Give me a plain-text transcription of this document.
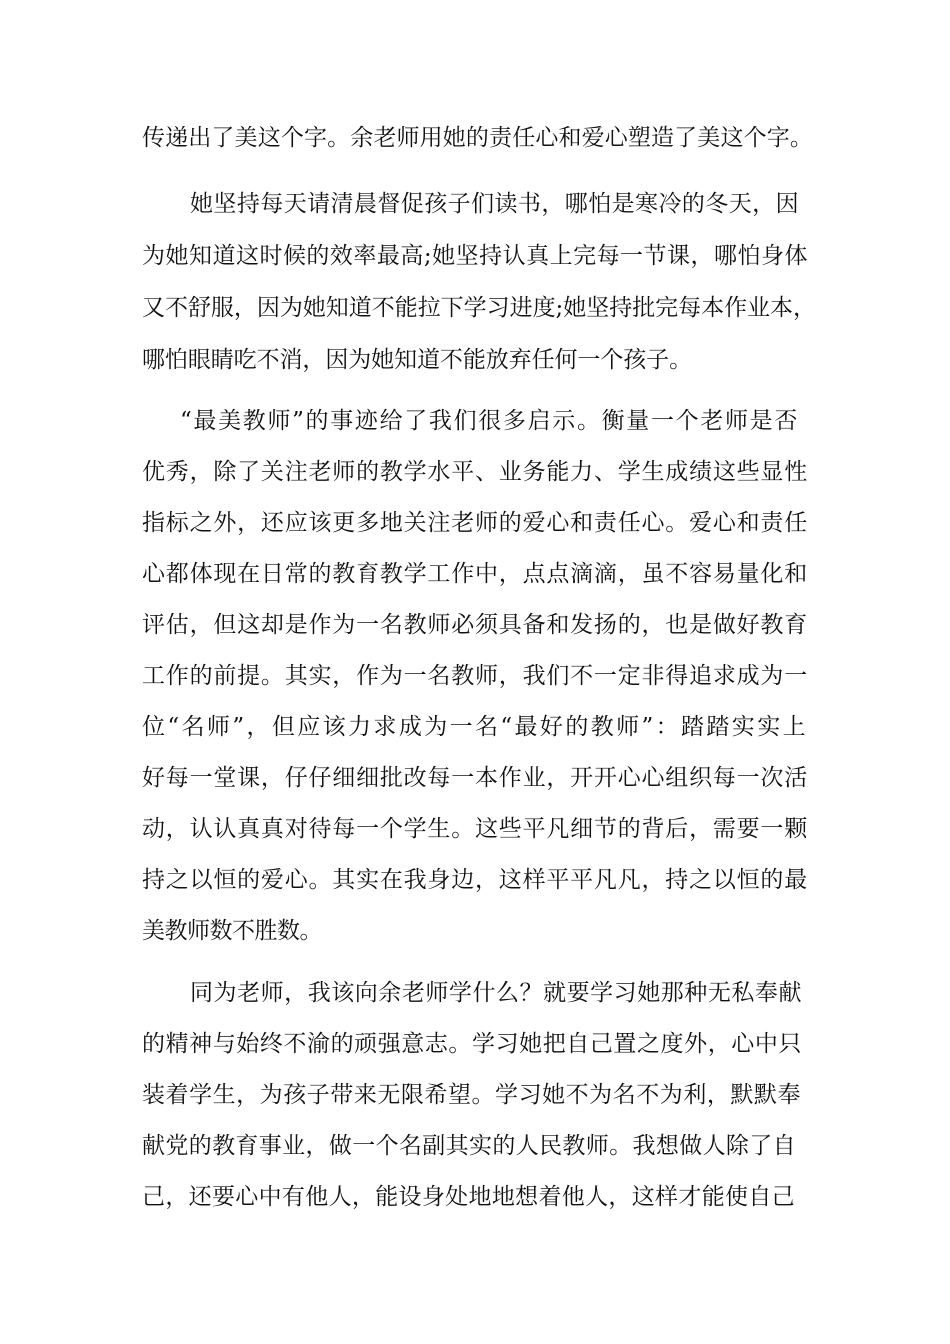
传递出了美这个字。余老师用她的责任心和爱心塑造了美这个字。
她坚持每天请清晨督促孩子们读书，哪怕是寒冷的冬天，因
为她知道这时候的效率最高;她坚持认真上完每一节课，哪怕身体
又不舒服，因为她知道不能拉下学习进度;她坚持批完每本作业本，
哪怕眼睛吃不消，因为她知道不能放弃任何一个孩子。
“最美教师”的事迹给了我们很多启示。衡量一个老师是否
优秀，除了关注老师的教学水平、业务能力、学生成绩这些显性
指标之外，还应该更多地关注老师的爱心和责任心。爱心和责任
心都体现在日常的教育教学工作中，点点滴滴，虽不容易量化和
评估，但这却是作为一名教师必须具备和发扬的，也是做好教育
工作的前提。其实，作为一名教师，我们不一定非得追求成为一
位“名师”，但应该力求成为一名“最好的教师”：踏踏实实上
好每一堂课，仔仔细细批改每一本作业，开开心心组织每一次活
动，认认真真对待每一个学生。这些平凡细节的背后，需要一颗
持之以恒的爱心。其实在我身边，这样平平凡凡，持之以恒的最
美教师数不胜数。
同为老师，我该向余老师学什么？就要学习她那种无私奉献
的精神与始终不渝的顽强意志。学习她把自己置之度外，心中只
装着学生，为孩子带来无限希望。学习她不为名不为利，默默奉
献党的教育事业，做一个名副其实的人民教师。我想做人除了自
己，还要心中有他人，能设身处地地想着他人，这样才能使自己
